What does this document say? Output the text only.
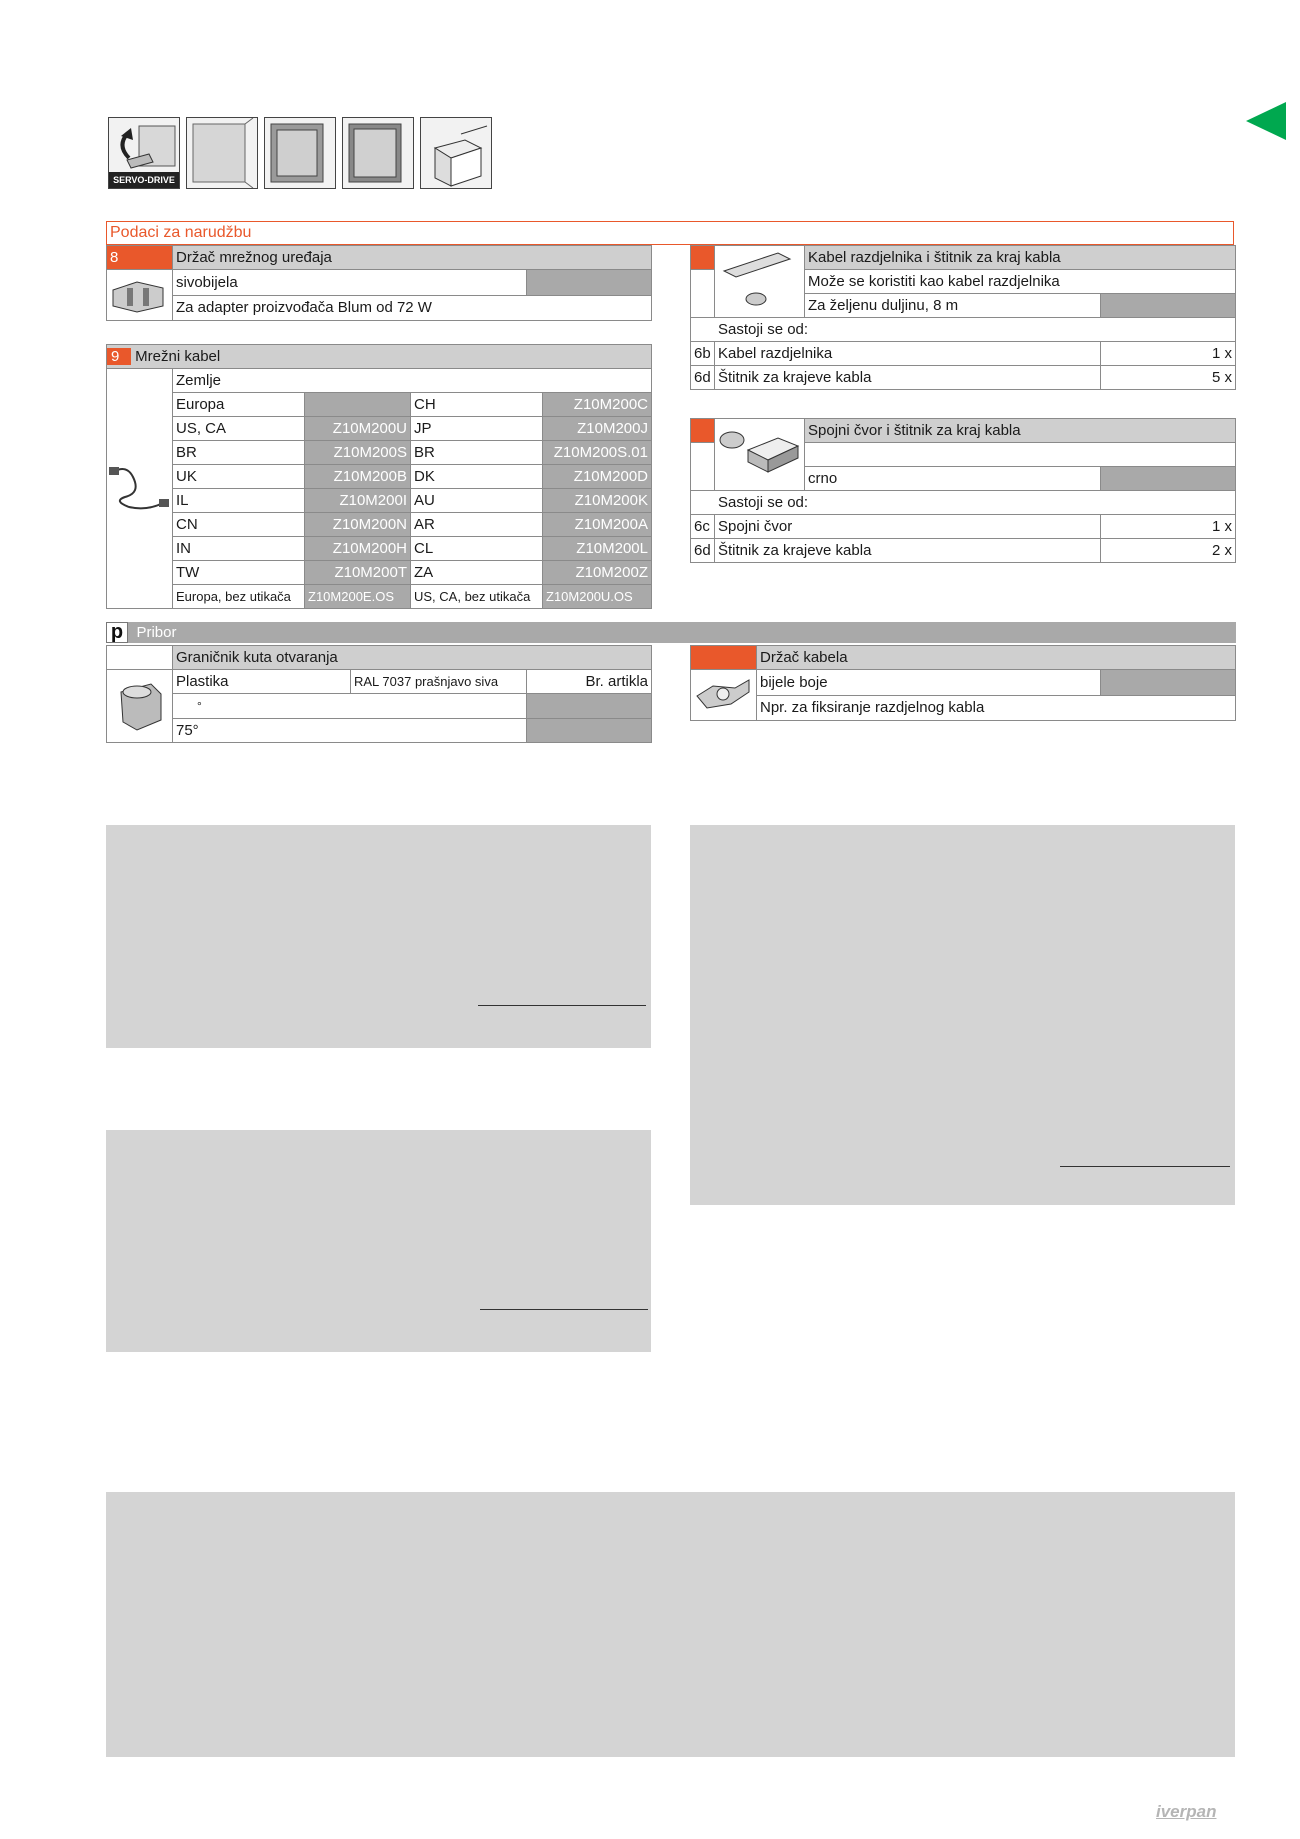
SERVO-DRIVE
Podaci za narudžbu
8	Držač mrežnog uređaja	
	sivobijela	
	Za adapter proizvođača Blum od 72 W	
9 Mrežni kabel				
	Zemlje			
	Europa		CH	Z10M200C
	US, CA	Z10M200U	JP	Z10M200J
	BR	Z10M200S	BR	Z10M200S.01
	UK	Z10M200B	DK	Z10M200D
	IL	Z10M200I	AU	Z10M200K
	CN	Z10M200N	AR	Z10M200A
	IN	Z10M200H	CL	Z10M200L
	TW	Z10M200T	ZA	Z10M200Z
	Europa, bez utikača	Z10M200E.OS	US, CA, bez utikača	Z10M200U.OS
		Kabel razdjelnika i štitnik za kraj kabla	
		Može se koristiti kao kabel razdjelnika	
		Za željenu duljinu, 8 m	
Sastoji se od:			
6b	Kabel razdjelnika		1 x
6d	Štitnik za krajeve kabla		5 x
		Spojni čvor i štitnik za kraj kabla	

		crno	
Sastoji se od:			
6c	Spojni čvor		1 x
6d	Štitnik za krajeve kabla		2 x
p Pribor
	Graničnik kuta otvaranja		
	Plastika	RAL 7037 prašnjavo siva	Br. artikla
	°		
	75°		
	Držač kabela	
	bijele boje	
	Npr. za fiksiranje razdjelnog kabla	
iverpan
